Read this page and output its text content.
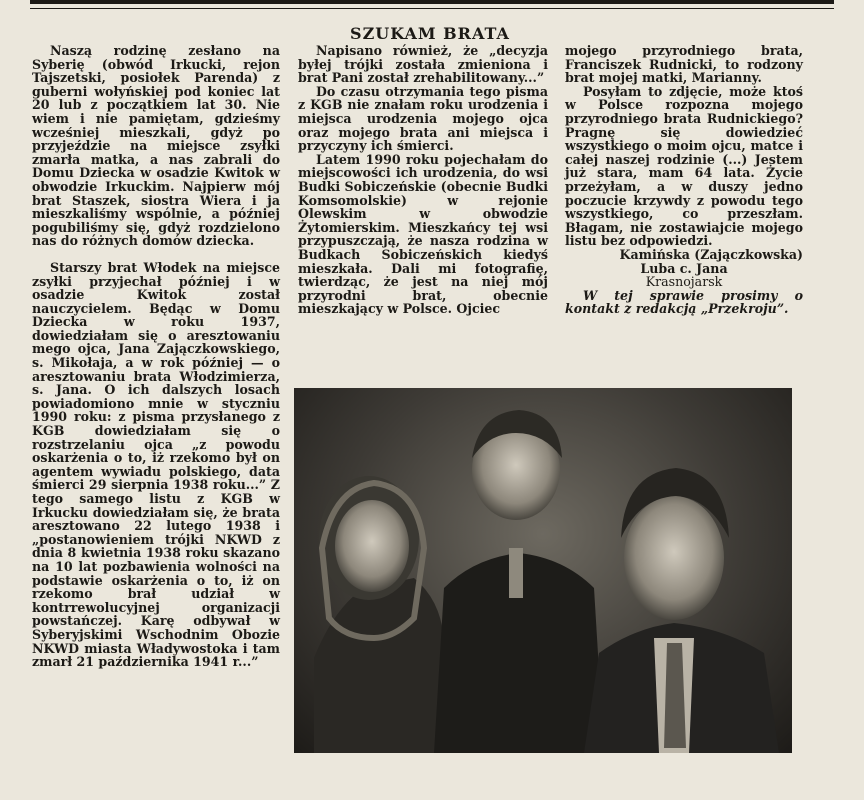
SZUKAM BRATA

Naszą rodzinę zesłano na Syberię (obwód Irkucki, rejon Tajszetski, posiołek Parenda) z guberni wołyńskiej pod koniec lat 20 lub z początkiem lat 30. Nie wiem i nie pamiętam, gdzieśmy wcześniej mieszkali, gdyż po przyjeździe na miejsce zsyłki zmarła matka, a nas zabrali do Domu Dziecka w osadzie Kwitok w obwodzie Irkuckim. Najpierw mój brat Staszek, siostra Wiera i ja mieszkaliśmy wspólnie, a później pogubiliśmy się, gdyż rozdzielono nas do różnych domów dziecka.

Starszy brat Włodek na miejsce zsyłki przyjechał później i w osadzie Kwitok został nauczycielem. Będąc w Domu Dziecka w roku 1937, dowiedziałam się o aresztowaniu mego ojca, Jana Zajączkowskiego, s. Mikołaja, a w rok później — o aresztowaniu brata Włodzimierza, s. Jana. O ich dalszych losach powiadomiono mnie w styczniu 1990 roku: z pisma przysłanego z KGB dowiedziałam się o rozstrzelaniu ojca „z powodu oskarżenia o to, iż rzekomo był on agentem wywiadu polskiego, data śmierci 29 sierpnia 1938 roku...” Z tego samego listu z KGB w Irkucku dowiedziałam się, że brata aresztowano 22 lutego 1938 i „postanowieniem trójki NKWD z dnia 8 kwietnia 1938 roku skazano na 10 lat pozbawienia wolności na podstawie oskarżenia o to, iż on rzekomo brał udział w kontrrewolucyjnej organizacji powstańczej. Karę odbywał w Syberyjskimi Wschodnim Obozie NKWD miasta Władywostoka i tam zmarł 21 października 1941 r...”

Napisano również, że „decyzja byłej trójki została zmieniona i brat Pani został zrehabilitowany...”

Do czasu otrzymania tego pisma z KGB nie znałam roku urodzenia i miejsca urodzenia mojego ojca oraz mojego brata ani miejsca i przyczyny ich śmierci.

Latem 1990 roku pojechałam do miejscowości ich urodzenia, do wsi Budki Sobiczeńskie (obecnie Budki Komsomolskie) w rejonie Olewskim w obwodzie Żytomierskim. Mieszkańcy tej wsi przypuszczają, że nasza rodzina w Budkach Sobiczeńskich kiedyś mieszkała. Dali mi fotografię, twierdząc, że jest na niej mój przyrodni brat, obecnie mieszkający w Polsce. Ojciec

mojego przyrodniego brata, Franciszek Rudnicki, to rodzony brat mojej matki, Marianny.

Posyłam to zdjęcie, może ktoś w Polsce rozpozna mojego przyrodniego brata Rudnickiego? Pragnę się dowiedzieć wszystkiego o moim ojcu, matce i całej naszej rodzinie (...) Jestem już stara, mam 64 lata. Życie przeżyłam, a w duszy jedno poczucie krzywdy z powodu tego wszystkiego, co przeszłam. Błagam, nie zostawiajcie mojego listu bez odpowiedzi.

Kamińska (Zajączkowska)

Luba c. Jana

Krasnojarsk

W tej sprawie prosimy o kontakt z redakcją „Przekroju”.
